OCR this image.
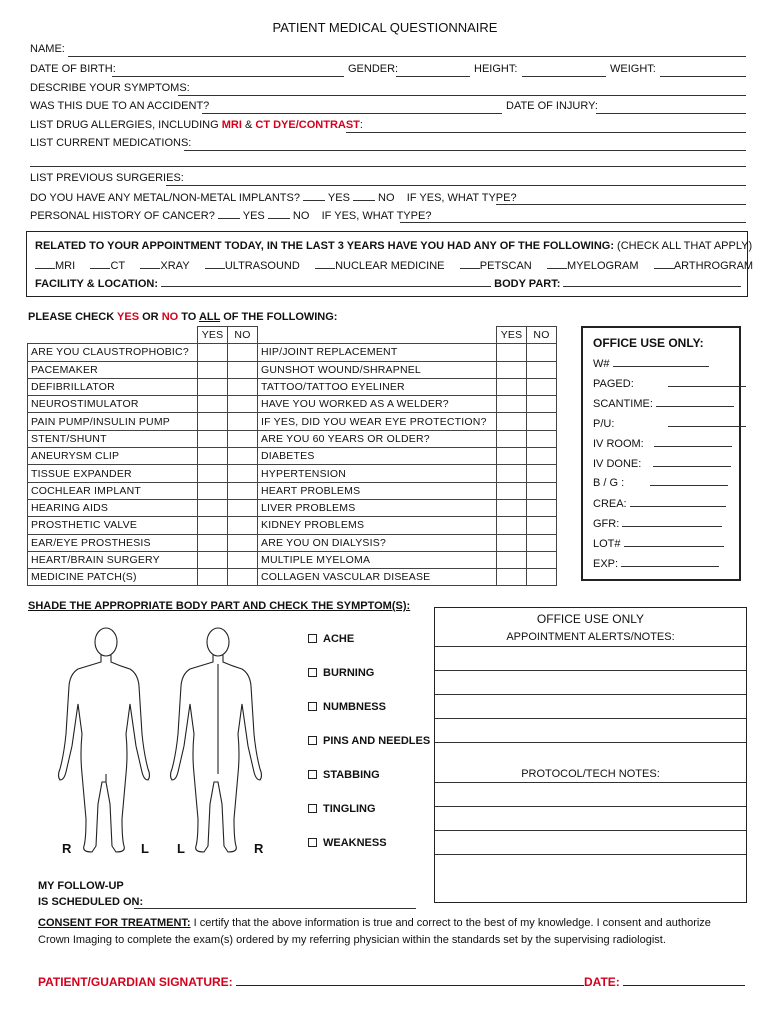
PATIENT MEDICAL QUESTIONNAIRE
NAME:
DATE OF BIRTH:	GENDER:	HEIGHT:	WEIGHT:
DESCRIBE YOUR SYMPTOMS:
WAS THIS DUE TO AN ACCIDENT?	DATE OF INJURY:
LIST DRUG ALLERGIES, INCLUDING MRI & CT DYE/CONTRAST:
LIST CURRENT MEDICATIONS:
LIST PREVIOUS SURGERIES:
DO YOU HAVE ANY METAL/NON-METAL IMPLANTS?	YES	NO IF YES, WHAT TYPE?
PERSONAL HISTORY OF CANCER?	YES	NO IF YES, WHAT TYPE?
RELATED TO YOUR APPOINTMENT TODAY, IN THE LAST 3 YEARS HAVE YOU HAD ANY OF THE FOLLOWING: (CHECK ALL THAT APPLY)
MRI	CT	XRAY	ULTRASOUND	NUCLEAR MEDICINE	PETSCAN	MYELOGRAM	ARTHROGRAM
FACILITY & LOCATION:	BODY PART:
PLEASE CHECK YES OR NO TO ALL OF THE FOLLOWING:
	YES	NO		YES	NO
ARE YOU CLAUSTROPHOBIC?			HIP/JOINT REPLACEMENT		
PACEMAKER			GUNSHOT WOUND/SHRAPNEL		
DEFIBRILLATOR			TATTOO/TATTOO EYELINER		
NEUROSTIMULATOR			HAVE YOU WORKED AS A WELDER?		
PAIN PUMP/INSULIN PUMP			IF YES, DID YOU WEAR EYE PROTECTION?		
STENT/SHUNT			ARE YOU 60 YEARS OR OLDER?		
ANEURYSM CLIP			DIABETES		
TISSUE EXPANDER			HYPERTENSION		
COCHLEAR IMPLANT			HEART PROBLEMS		
HEARING AIDS			LIVER PROBLEMS		
PROSTHETIC VALVE			KIDNEY PROBLEMS		
EAR/EYE PROSTHESIS			ARE YOU ON DIALYSIS?		
HEART/BRAIN SURGERY			MULTIPLE MYELOMA		
MEDICINE PATCH(S)			COLLAGEN VASCULAR DISEASE		
OFFICE USE ONLY:
W#
PAGED:
SCANTIME:
P/U:
IV ROOM:
IV DONE:
B / G :
CREA:
GFR:
LOT#
EXP:
SHADE THE APPROPRIATE BODY PART AND CHECK THE SYMPTOM(S):
R	L L	R
ACHE
BURNING
NUMBNESS
PINS AND NEEDLES
STABBING
TINGLING
WEAKNESS
OFFICE USE ONLY
APPOINTMENT ALERTS/NOTES:
PROTOCOL/TECH NOTES:
MY FOLLOW-UP
IS SCHEDULED ON:
CONSENT FOR TREATMENT: I certify that the above information is true and correct to the best of my knowledge. I consent and authorize
Crown Imaging to complete the exam(s) ordered by my referring physician within the standards set by the supervising radiologist.
PATIENT/GUARDIAN SIGNATURE:	DATE:
